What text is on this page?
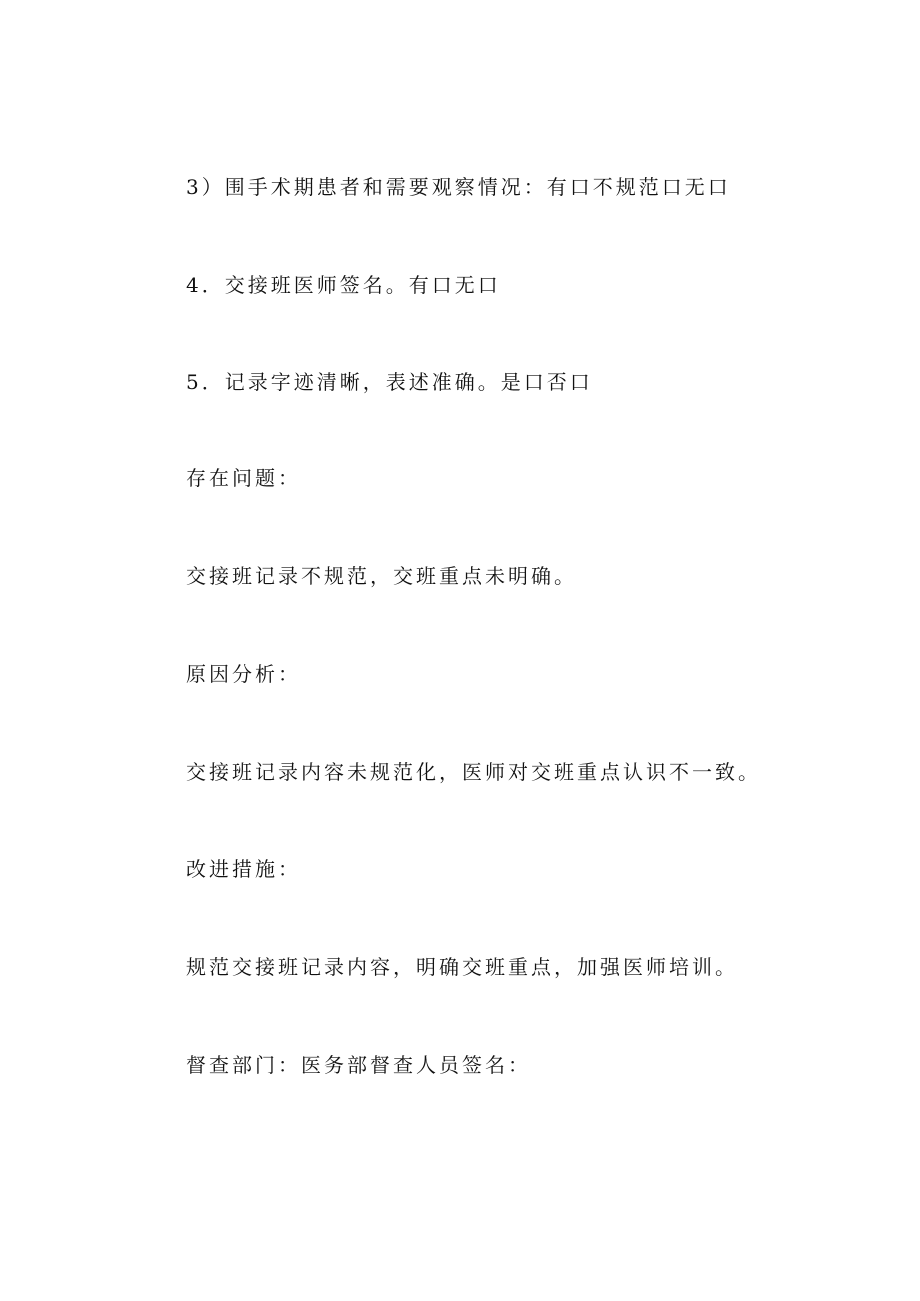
3）围手术期患者和需要观察情况：有口不规范口无口
4．交接班医师签名。有口无口
5．记录字迹清晰，表述准确。是口否口
存在问题：
交接班记录不规范，交班重点未明确。
原因分析：
交接班记录内容未规范化，医师对交班重点认识不一致。
改进措施：
规范交接班记录内容，明确交班重点，加强医师培训。
督查部门：医务部督查人员签名：
